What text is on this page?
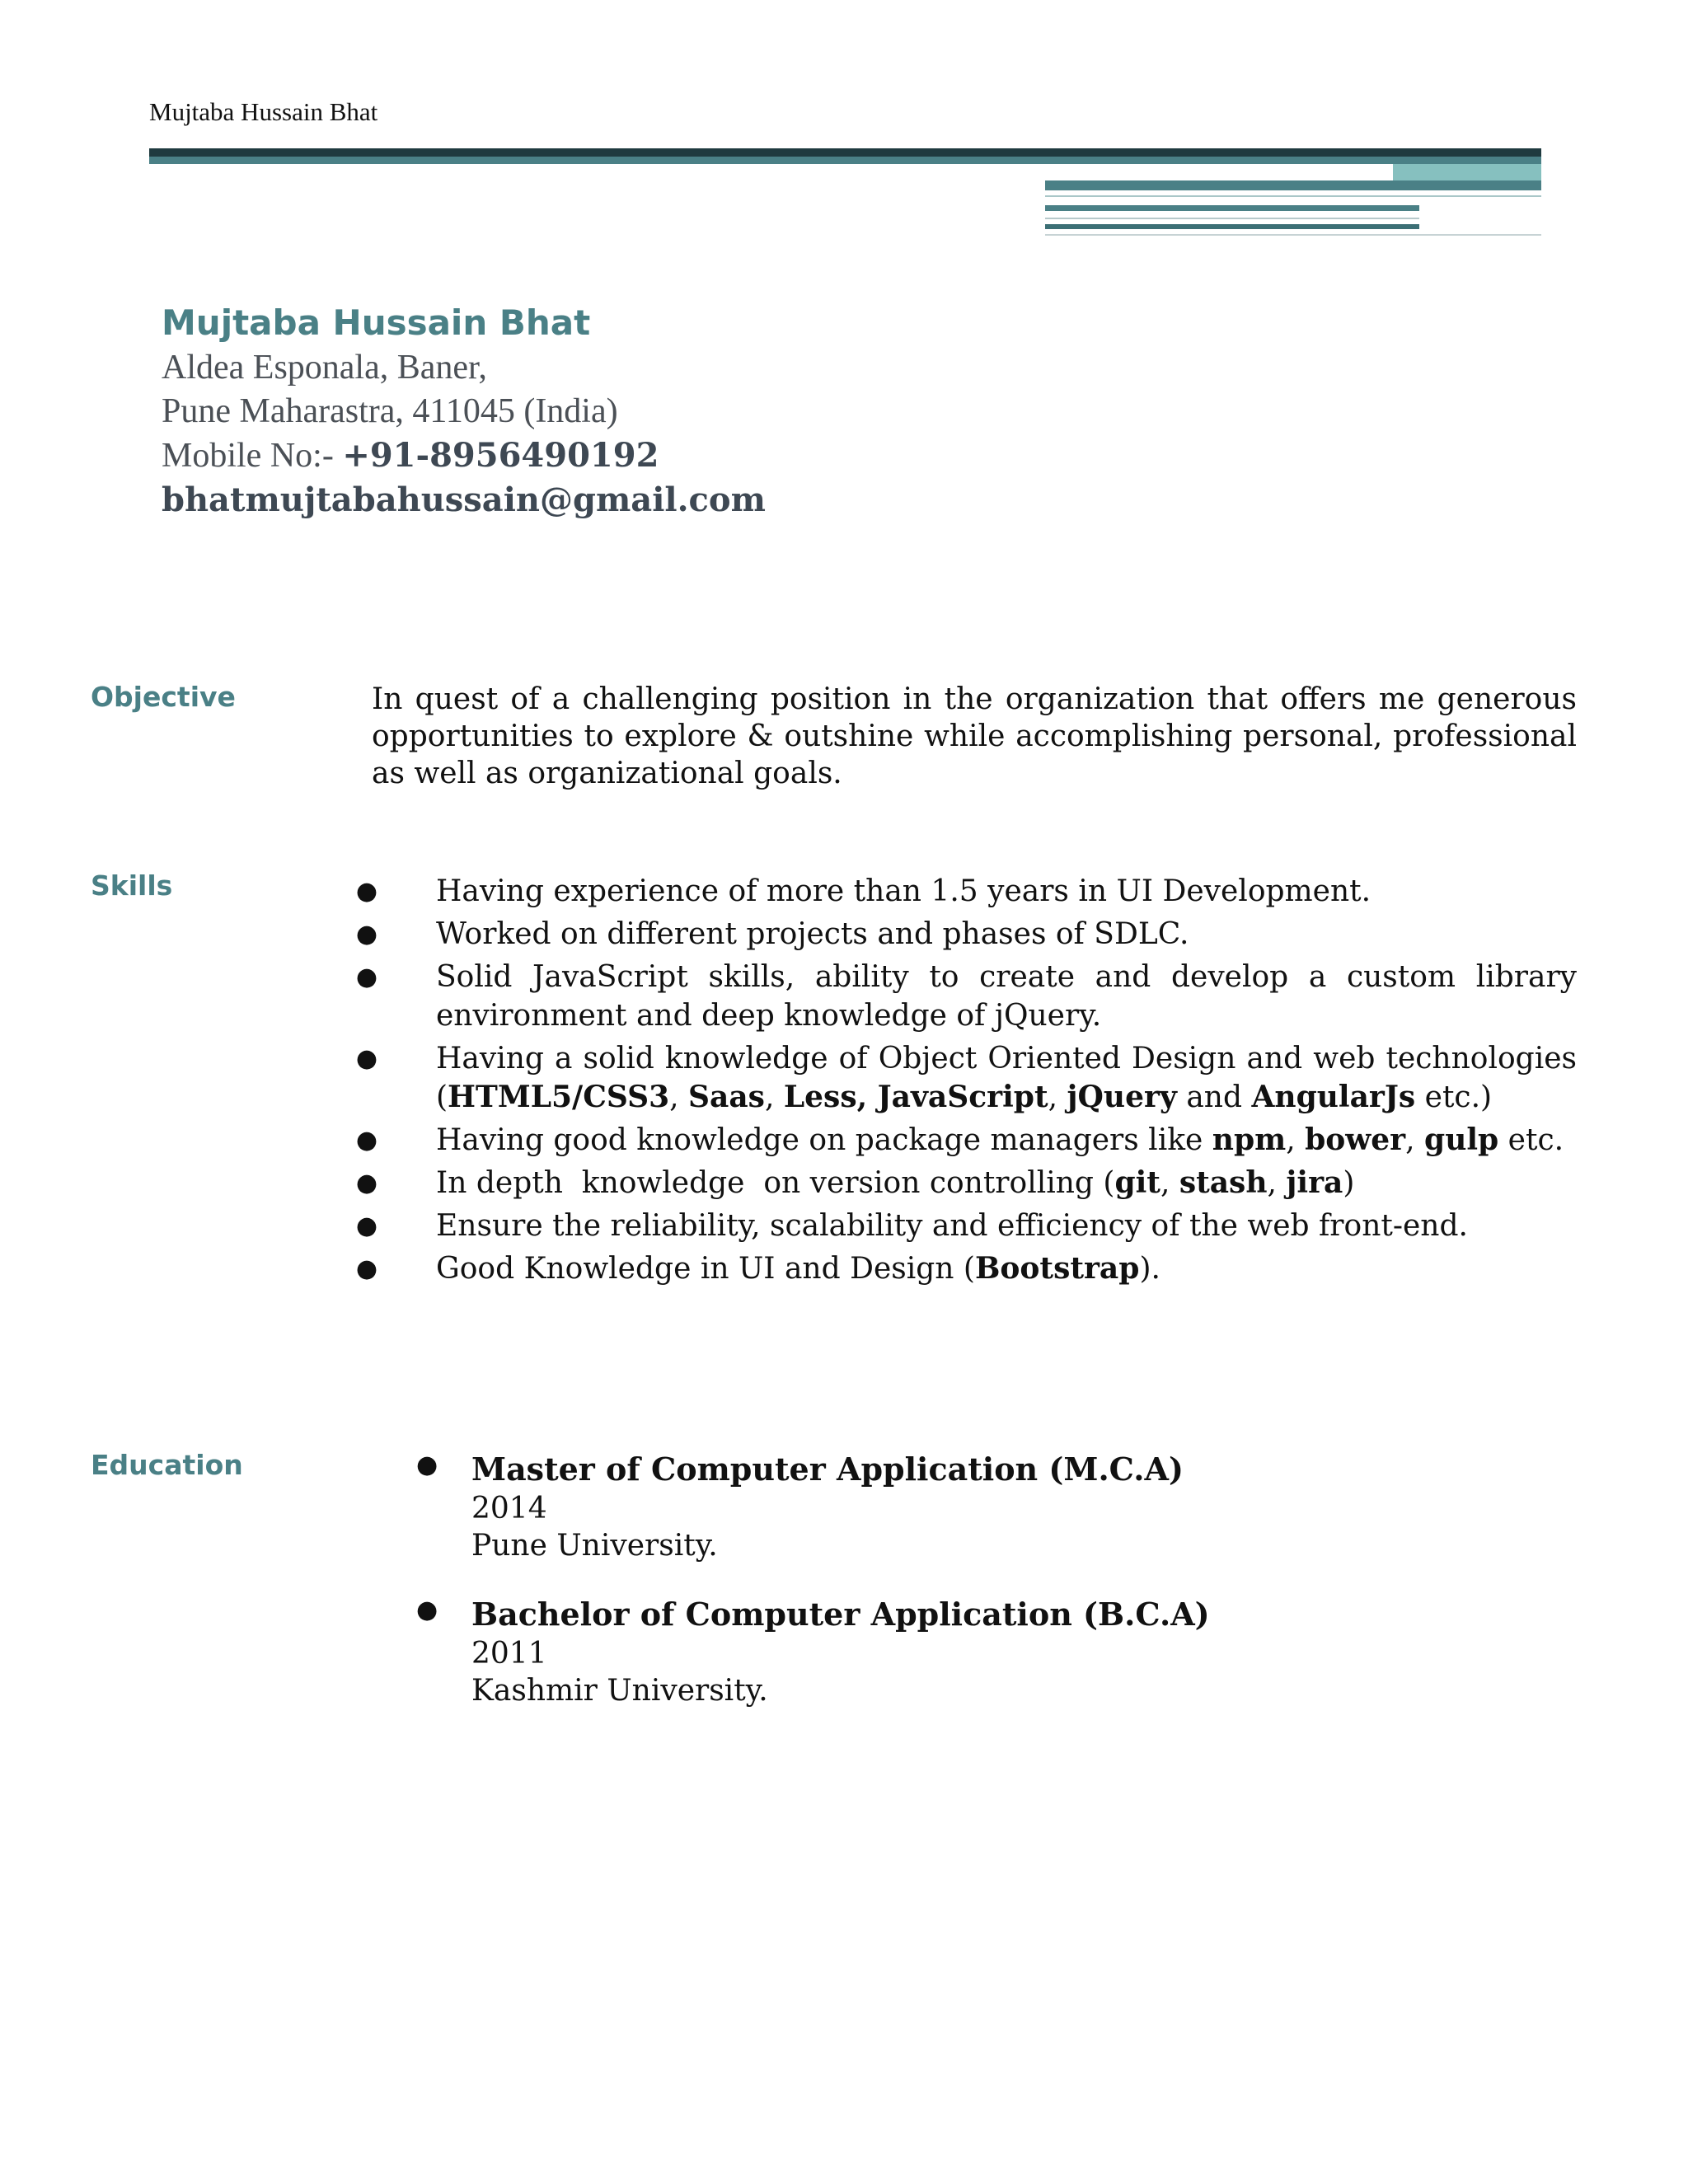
Mujtaba Hussain Bhat
Mujtaba Hussain Bhat
Aldea Esponala, Baner,
Pune Maharastra, 411045 (India)
Mobile No:- +91-8956490192
bhatmujtabahussain@gmail.com
Objective	In quest of a challenging position in the organization that offers me generous opportunities to explore & outshine while accomplishing personal, professional as well as organizational goals.
Skills	● Having experience of more than 1.5 years in UI Development.
● Worked on different projects and phases of SDLC.
● Solid JavaScript skills, ability to create and develop a custom library environment and deep knowledge of jQuery.
● Having a solid knowledge of Object Oriented Design and web technologies (HTML5/CSS3, Saas, Less, JavaScript, jQuery and AngularJs etc.)
● Having good knowledge on package managers like npm, bower, gulp etc.
● In depth  knowledge  on version controlling (git, stash, jira)
● Ensure the reliability, scalability and efficiency of the web front-end.
● Good Knowledge in UI and Design (Bootstrap).
Education	● Master of Computer Application (M.C.A)
2014
Pune University.
● Bachelor of Computer Application (B.C.A)
2011
Kashmir University.
